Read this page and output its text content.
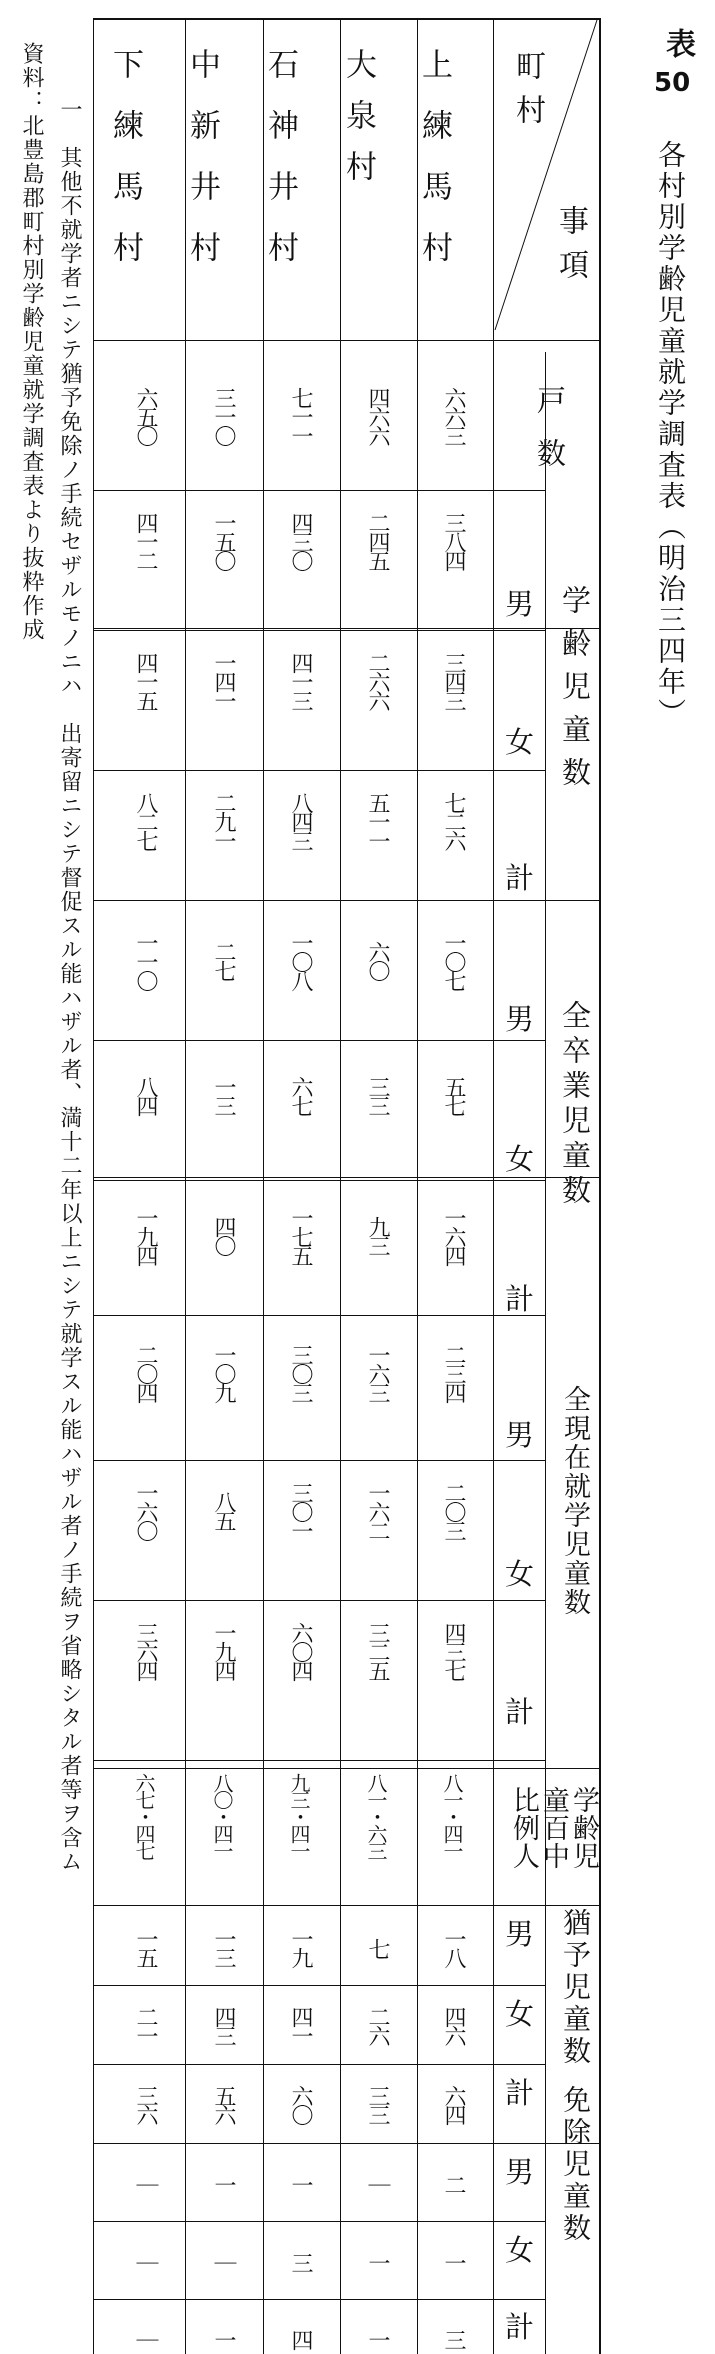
表
50
各村別学齢児童就学調査表（明治三四年）
一　其他不就学者ニシテ猶予免除ノ手続セザルモノニハ　出寄留ニシテ督促スル能ハザル者、満十二年以上ニシテ就学スル能ハザル者ノ手続ヲ省略シタル者等ヲ含ム
資料：北豊島郡町村別学齢児童就学調査表より抜粋作成	事項
町村
上練馬村
大泉村
石神井村
中新井村
下練馬村
戸数
学齢児童数
全卒業児童数
全現在就学児童数
学齢児童百中比例人
猶予児童数
免除児童数
男
女
計
男
女
計
男
女
計
男
女
計
男
女
計
六六三
四六六
七一一
三一〇
六五〇
三八四
二四五
四三〇
一五〇
四一二
三四三
二六六
四一三
一四一
四一五
七二六
五一一
八四三
二九一
八二七
一〇七
六〇
一〇八
二七
一一〇
五七
三三
六七
一三
八四
一六四
九三
一七五
四〇
一九四
二三四
一六三
三〇三
一〇九
二〇四
二〇三
一六二
三〇一
八五
一六〇
四三七
三二五
六〇四
一九四
三六四
八一・四一
八一・六三
九三・四一
八〇・四一
六七・四七
一八
七
一九
一三
一五
四六
二六
四一
四三
二一
六四
三三
六〇
五六
三六
二
｜
一
一
｜
一
一
三
｜
｜
三
一
四
一
｜
